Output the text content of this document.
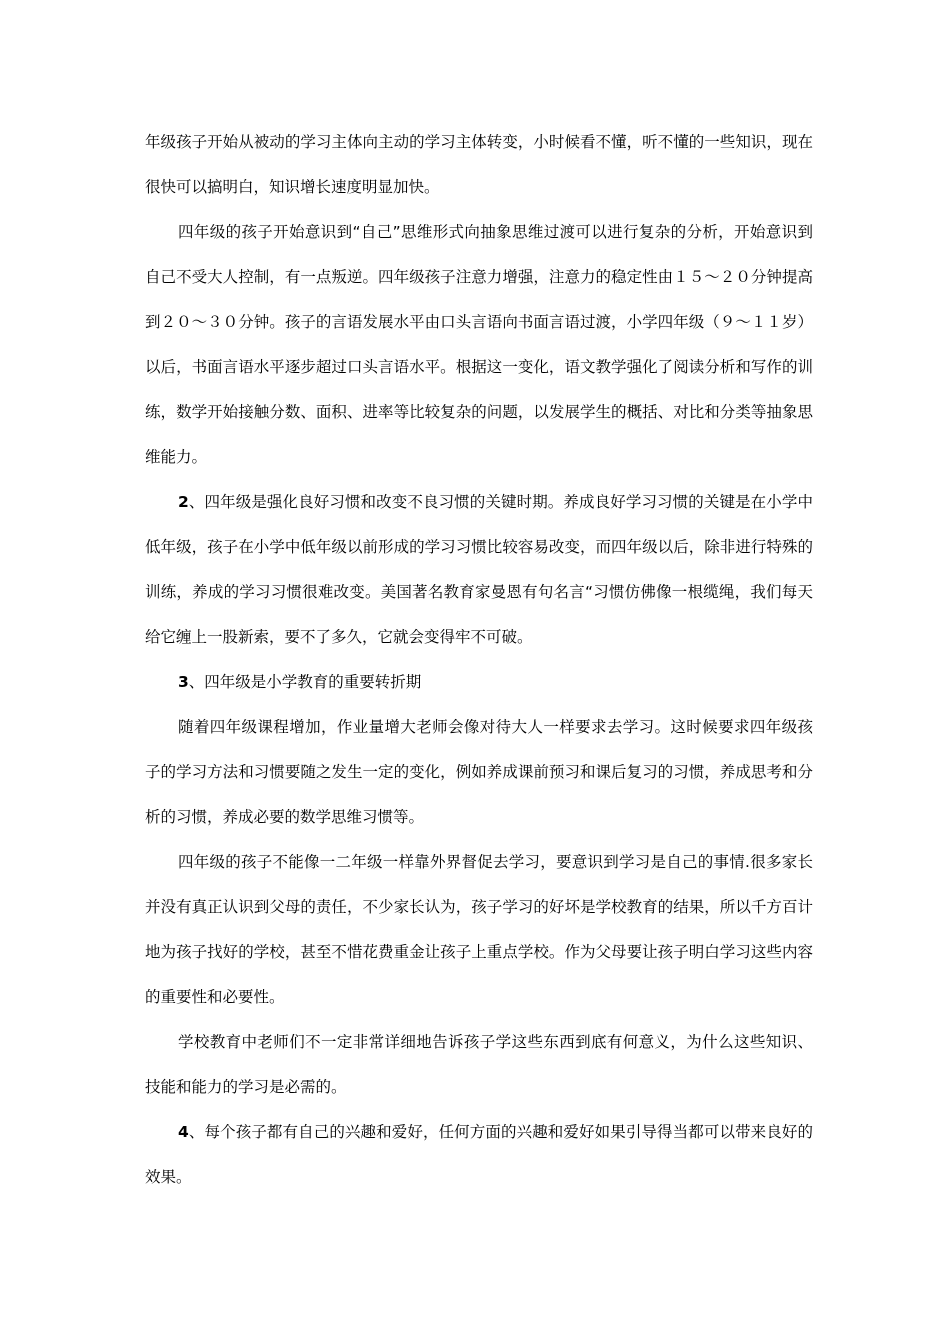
年级孩子开始从被动的学习主体向主动的学习主体转变，小时候看不懂，听不懂的一些知识，现在很快可以搞明白，知识增长速度明显加快。

四年级的孩子开始意识到“自己”思维形式向抽象思维过渡可以进行复杂的分析，开始意识到自己不受大人控制，有一点叛逆。四年级孩子注意力增强，注意力的稳定性由１５～２０分钟提高到２０～３０分钟。孩子的言语发展水平由口头言语向书面言语过渡，小学四年级（９～１１岁）以后，书面言语水平逐步超过口头言语水平。根据这一变化，语文教学强化了阅读分析和写作的训练，数学开始接触分数、面积、进率等比较复杂的问题，以发展学生的概括、对比和分类等抽象思维能力。

2、四年级是强化良好习惯和改变不良习惯的关键时期。养成良好学习习惯的关键是在小学中低年级，孩子在小学中低年级以前形成的学习习惯比较容易改变，而四年级以后，除非进行特殊的训练，养成的学习习惯很难改变。美国著名教育家曼恩有句名言“习惯仿佛像一根缆绳，我们每天给它缠上一股新索，要不了多久，它就会变得牢不可破。

3、四年级是小学教育的重要转折期

随着四年级课程增加，作业量增大老师会像对待大人一样要求去学习。这时候要求四年级孩子的学习方法和习惯要随之发生一定的变化，例如养成课前预习和课后复习的习惯，养成思考和分析的习惯，养成必要的数学思维习惯等。

四年级的孩子不能像一二年级一样靠外界督促去学习，要意识到学习是自己的事情.很多家长并没有真正认识到父母的责任，不少家长认为，孩子学习的好坏是学校教育的结果，所以千方百计地为孩子找好的学校，甚至不惜花费重金让孩子上重点学校。作为父母要让孩子明白学习这些内容的重要性和必要性。

学校教育中老师们不一定非常详细地告诉孩子学这些东西到底有何意义，为什么这些知识、技能和能力的学习是必需的。

4、每个孩子都有自己的兴趣和爱好，任何方面的兴趣和爱好如果引导得当都可以带来良好的效果。
